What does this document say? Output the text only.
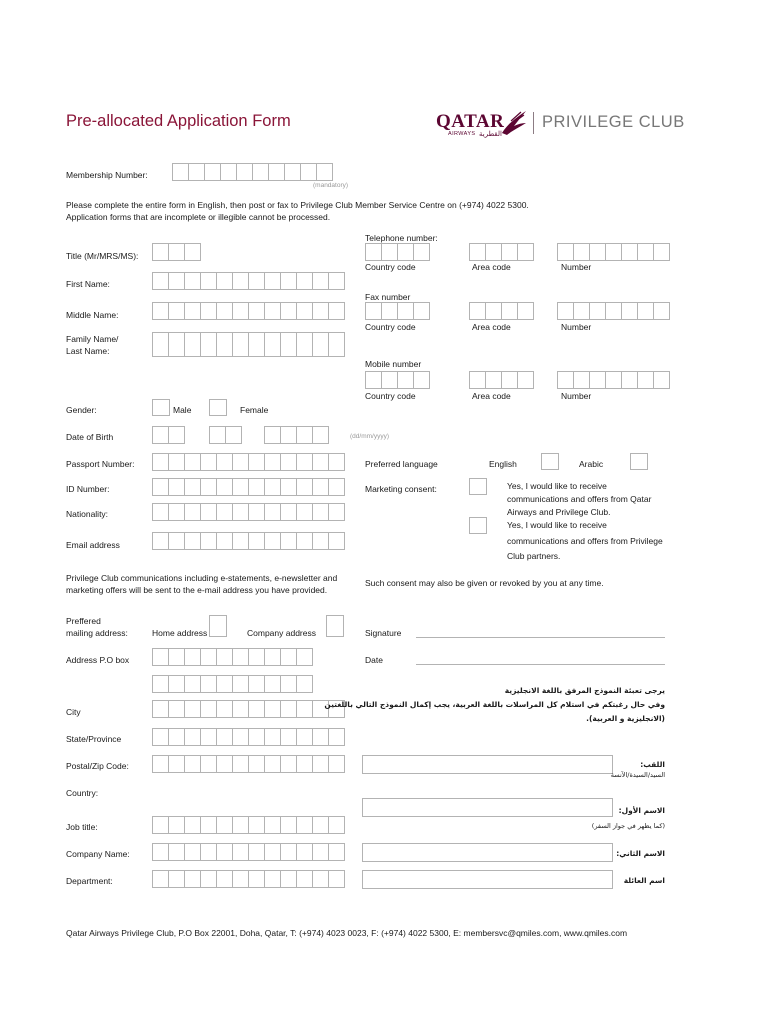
Pre-allocated Application Form	QATAR
AIRWAYS القطرية
PRIVILEGE CLUB
Membership Number:
(mandatory)
Please complete the entire form in English, then post or fax to Privilege Club Member Service Centre on (+974) 4022 5300.
Application forms that are incomplete or illegible cannot be processed.
Title (Mr/MRS/MS):
First Name:
Middle Name:
Family Name/
Last Name:
Gender:	Male	Female
Date of Birth	(dd/mm/yyyy)
Passport Number:
ID Number:
Nationality:
Email address
Telephone number:
Country code	Area code	Number
Fax number
Country code	Area code	Number
Mobile number
Country code	Area code	Number
Preferred language	English	Arabic
Marketing consent:	Yes, I would like to receive
communications and offers from Qatar
Airways and Privilege Club.
Yes, I would like to receive
communications and offers from Privilege
Club partners.
Privilege Club communications including e-statements, e-newsletter and
marketing offers will be sent to the e-mail address you have provided.
Such consent may also be given or revoked by you at any time.
Preffered
mailing address:	Home address	Company address	Signature
Date
Address P.O box
City
State/Province
Postal/Zip Code:
Country:
Job title:
Company Name:
Department:
يرجى تعبئة النموذج المرفق باللغة الانجليزية
وفي حال رغبتكم في استلام كل المراسلات باللغة العربية، يجب إكمال النموذج التالي باللغتين
(الانجليزية و العربية).
اللقب:
السيد/السيدة/الآنسة
الاسم الأول:
(كما يظهر في جواز السفر)
الاسم الثاني:
اسم العائلة
Qatar Airways Privilege Club, P.O Box 22001, Doha, Qatar, T: (+974) 4023 0023, F: (+974) 4022 5300, E: membersvc@qmiles.com, www.qmiles.com
